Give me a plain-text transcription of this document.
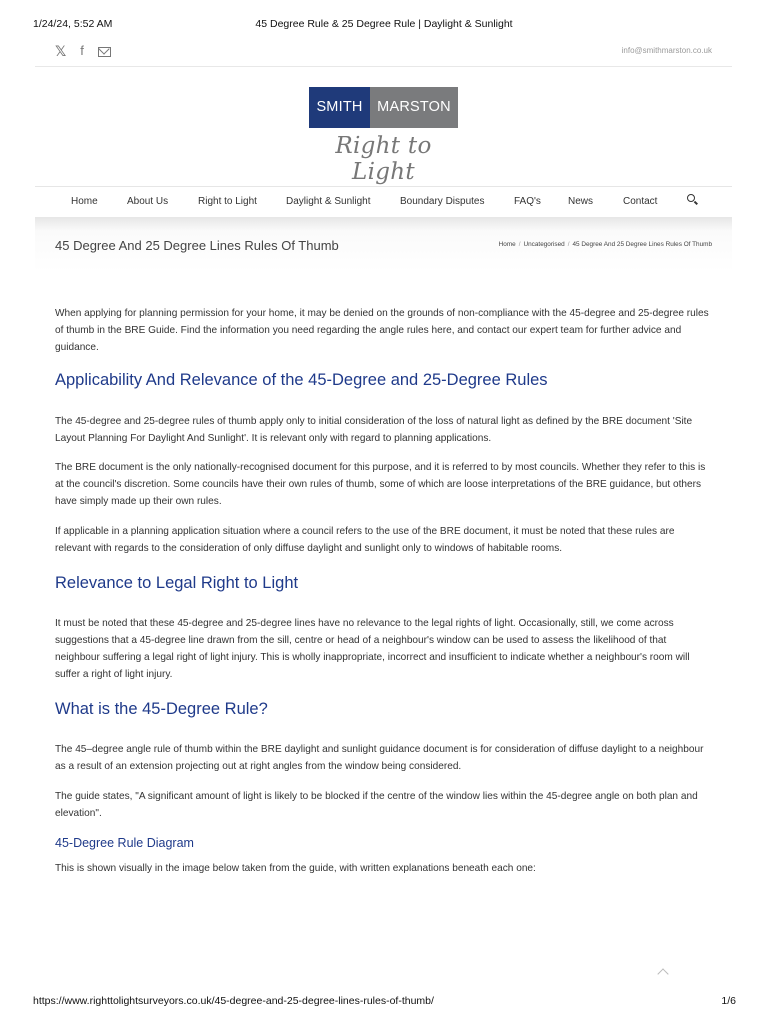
1/24/24, 5:52 AM	45 Degree Rule & 25 Degree Rule | Daylight & Sunlight
𝕏 f	info@smithmarston.co.uk
SMITH	MARSTON
Right to Light
Home	About Us	Right to Light	Daylight & Sunlight	Boundary Disputes	FAQ's	News	Contact
45 Degree And 25 Degree Lines Rules Of Thumb	Home / Uncategorised / 45 Degree And 25 Degree Lines Rules Of Thumb
When applying for planning permission for your home, it may be denied on the grounds of non-compliance with the 45-degree and 25-degree rules of thumb in the BRE Guide. Find the information you need regarding the angle rules here, and contact our expert team for further advice and guidance.
Applicability And Relevance of the 45-Degree and 25-Degree Rules
The 45-degree and 25-degree rules of thumb apply only to initial consideration of the loss of natural light as defined by the BRE document 'Site Layout Planning For Daylight And Sunlight'. It is relevant only with regard to planning applications.
The BRE document is the only nationally-recognised document for this purpose, and it is referred to by most councils. Whether they refer to this is at the council's discretion. Some councils have their own rules of thumb, some of which are loose interpretations of the BRE guidance, but others have simply made up their own rules.
If applicable in a planning application situation where a council refers to the use of the BRE document, it must be noted that these rules are relevant with regards to the consideration of only diffuse daylight and sunlight only to windows of habitable rooms.
Relevance to Legal Right to Light
It must be noted that these 45-degree and 25-degree lines have no relevance to the legal rights of light. Occasionally, still, we come across suggestions that a 45-degree line drawn from the sill, centre or head of a neighbour's window can be used to assess the likelihood of that neighbour suffering a legal right of light injury. This is wholly inappropriate, incorrect and insufficient to indicate whether a neighbour's room will suffer a right of light injury.
What is the 45-Degree Rule?
The 45–degree angle rule of thumb within the BRE daylight and sunlight guidance document is for consideration of diffuse daylight to a neighbour as a result of an extension projecting out at right angles from the window being considered.
The guide states, "A significant amount of light is likely to be blocked if the centre of the window lies within the 45-degree angle on both plan and elevation".
45-Degree Rule Diagram
This is shown visually in the image below taken from the guide, with written explanations beneath each one:
https://www.righttolightsurveyors.co.uk/45-degree-and-25-degree-lines-rules-of-thumb/	1/6
